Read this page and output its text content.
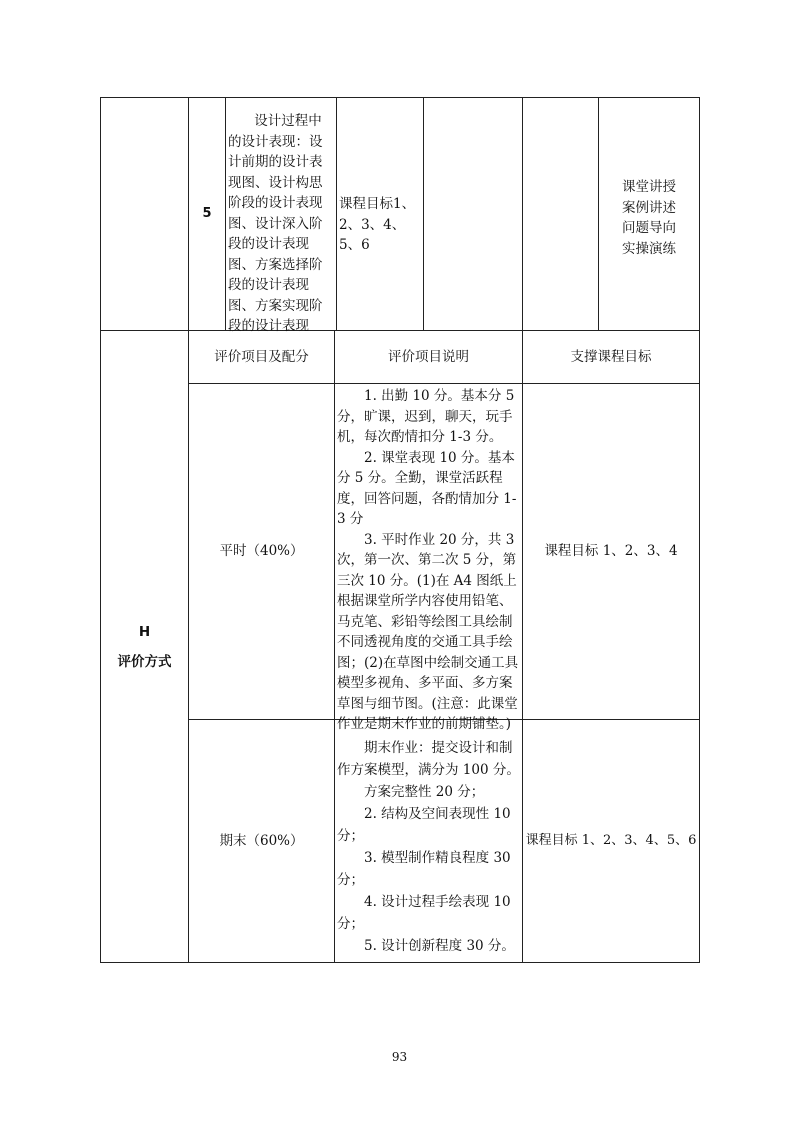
5
设计过程中
的设计表现：设计前期的设计表现图、设计构思阶段的设计表现图、设计深入阶段的设计表现图、方案选择阶段的设计表现图、方案实现阶段的设计表现
课程目标1、2、3、4、5、6
课堂讲授
案例讲述
问题导向
实操演练
H
评价方式
评价项目及配分	评价项目说明	支撑课程目标
平时（40%）

1. 出勤 10 分。基本分 5 分，旷课，迟到，聊天，玩手机，每次酌情扣分 1-3 分。

2. 课堂表现 10 分。基本分 5 分。全勤，课堂活跃程度，回答问题，各酌情加分 1-3 分

3. 平时作业 20 分，共 3 次，第一次、第二次 5 分，第三次 10 分。(1)在 A4 图纸上根据课堂所学内容使用铅笔、马克笔、彩铅等绘图工具绘制不同透视角度的交通工具手绘图；(2)在草图中绘制交通工具模型多视角、多平面、多方案草图与细节图。(注意：此课堂作业是期末作业的前期铺垫。)

课程目标 1、2、3、4
期末（60%）

期末作业：提交设计和制作方案模型，满分为 100 分。

方案完整性 20 分；

2. 结构及空间表现性 10 分；

3. 模型制作精良程度 30 分；

4. 设计过程手绘表现 10 分；

5. 设计创新程度 30 分。

课程目标 1、2、3、4、5、6
93
